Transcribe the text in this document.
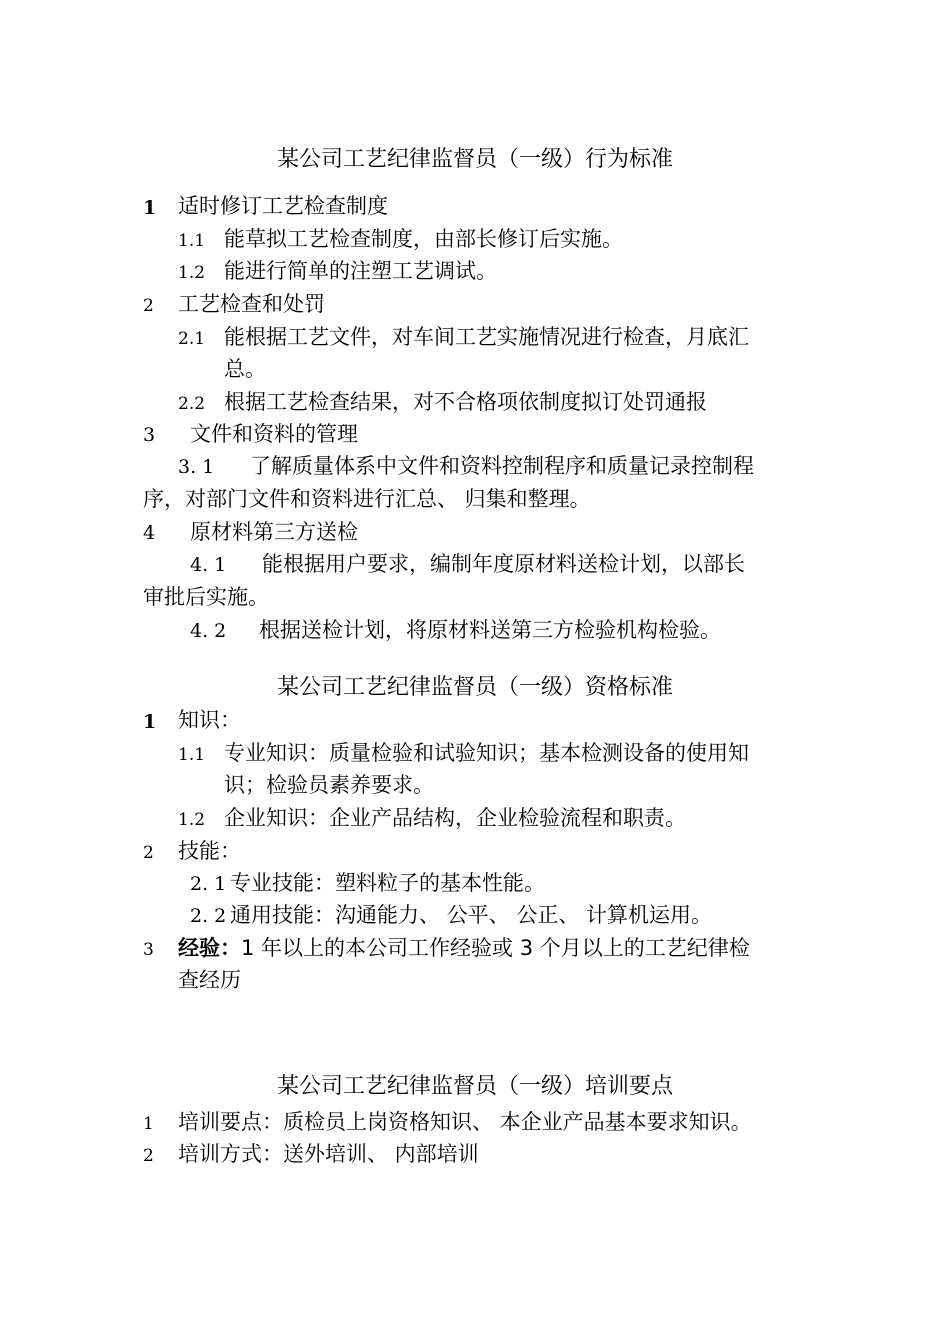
某公司工艺纪律监督员（一级）行为标准
1 适时修订工艺检查制度
1.1 能草拟工艺检查制度，由部长修订后实施。
1.2 能进行简单的注塑工艺调试。
2 工艺检查和处罚
2.1 能根据工艺文件，对车间工艺实施情况进行检查，月底汇
总。
2.2 根据工艺检查结果，对不合格项依制度拟订处罚通报
3 文件和资料的管理
3. 1 了解质量体系中文件和资料控制程序和质量记录控制程
序，对部门文件和资料进行汇总、 归集和整理。
4 原材料第三方送检
4. 1 能根据用户要求，编制年度原材料送检计划，以部长
审批后实施。
4. 2 根据送检计划，将原材料送第三方检验机构检验。
某公司工艺纪律监督员（一级）资格标准
1 知识：
1.1 专业知识：质量检验和试验知识；基本检测设备的使用知
识；检验员素养要求。
1.2 企业知识：企业产品结构，企业检验流程和职责。
2 技能：
2. 1 专业技能：塑料粒子的基本性能。
2. 2 通用技能：沟通能力、 公平、 公正、 计算机运用。
3 经验：1 年以上的本公司工作经验或 3 个月以上的工艺纪律检
查经历
某公司工艺纪律监督员（一级）培训要点
1 培训要点：质检员上岗资格知识、 本企业产品基本要求知识。
2 培训方式：送外培训、 内部培训
